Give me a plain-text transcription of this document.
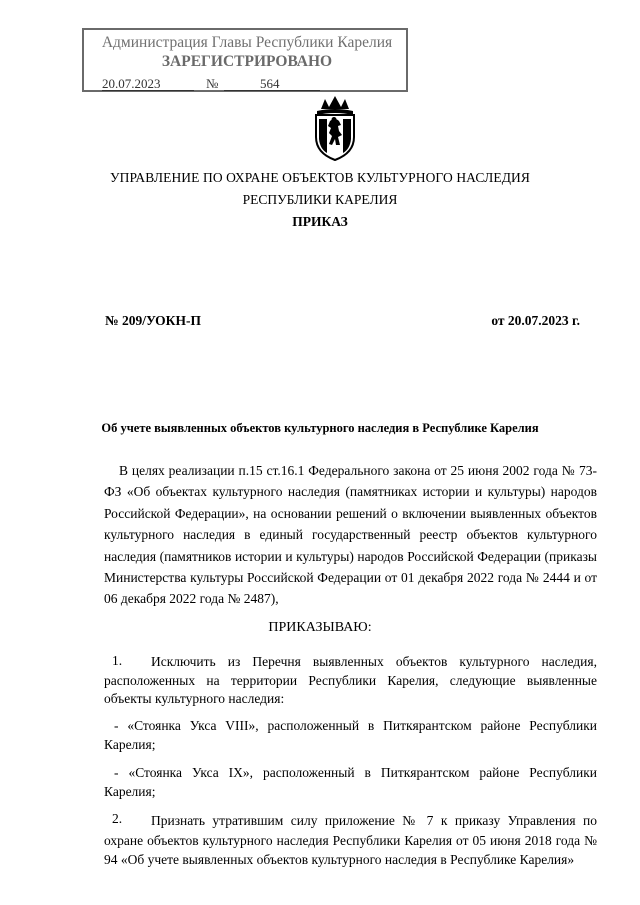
Администрация Главы Республики Карелия
ЗАРЕГИСТРИРОВАНО
20.07.2023	№	564
УПРАВЛЕНИЕ ПО ОХРАНЕ ОБЪЕКТОВ КУЛЬТУРНОГО НАСЛЕДИЯ
РЕСПУБЛИКИ КАРЕЛИЯ
ПРИКАЗ
№ 209/УОКН-П	от 20.07.2023 г.
Об учете выявленных объектов культурного наследия в Республике Карелия
В целях реализации п.15 ст.16.1 Федерального закона от 25 июня 2002 года № 73-ФЗ «Об объектах культурного наследия (памятниках истории и культуры) народов Российской Федерации», на основании решений о включении выявленных объектов культурного наследия в единый государственный реестр объектов культурного наследия (памятников истории и культуры) народов Российской Федерации (приказы Министерства культуры Российской Федерации от 01 декабря 2022 года № 2444 и от 06 декабря 2022 года № 2487),
ПРИКАЗЫВАЮ:
1.	Исключить из Перечня выявленных объектов культурного наследия, расположенных на территории Республики Карелия, следующие выявленные объекты культурного наследия:
- «Стоянка Укса VIII», расположенный в Питкярантском районе Республики Карелия;
- «Стоянка Укса IX», расположенный в Питкярантском районе Республики Карелия;
2.	Признать утратившим силу приложение № 7 к приказу Управления по охране объектов культурного наследия Республики Карелия от 05 июня 2018 года № 94 «Об учете выявленных объектов культурного наследия в Республике Карелия»
